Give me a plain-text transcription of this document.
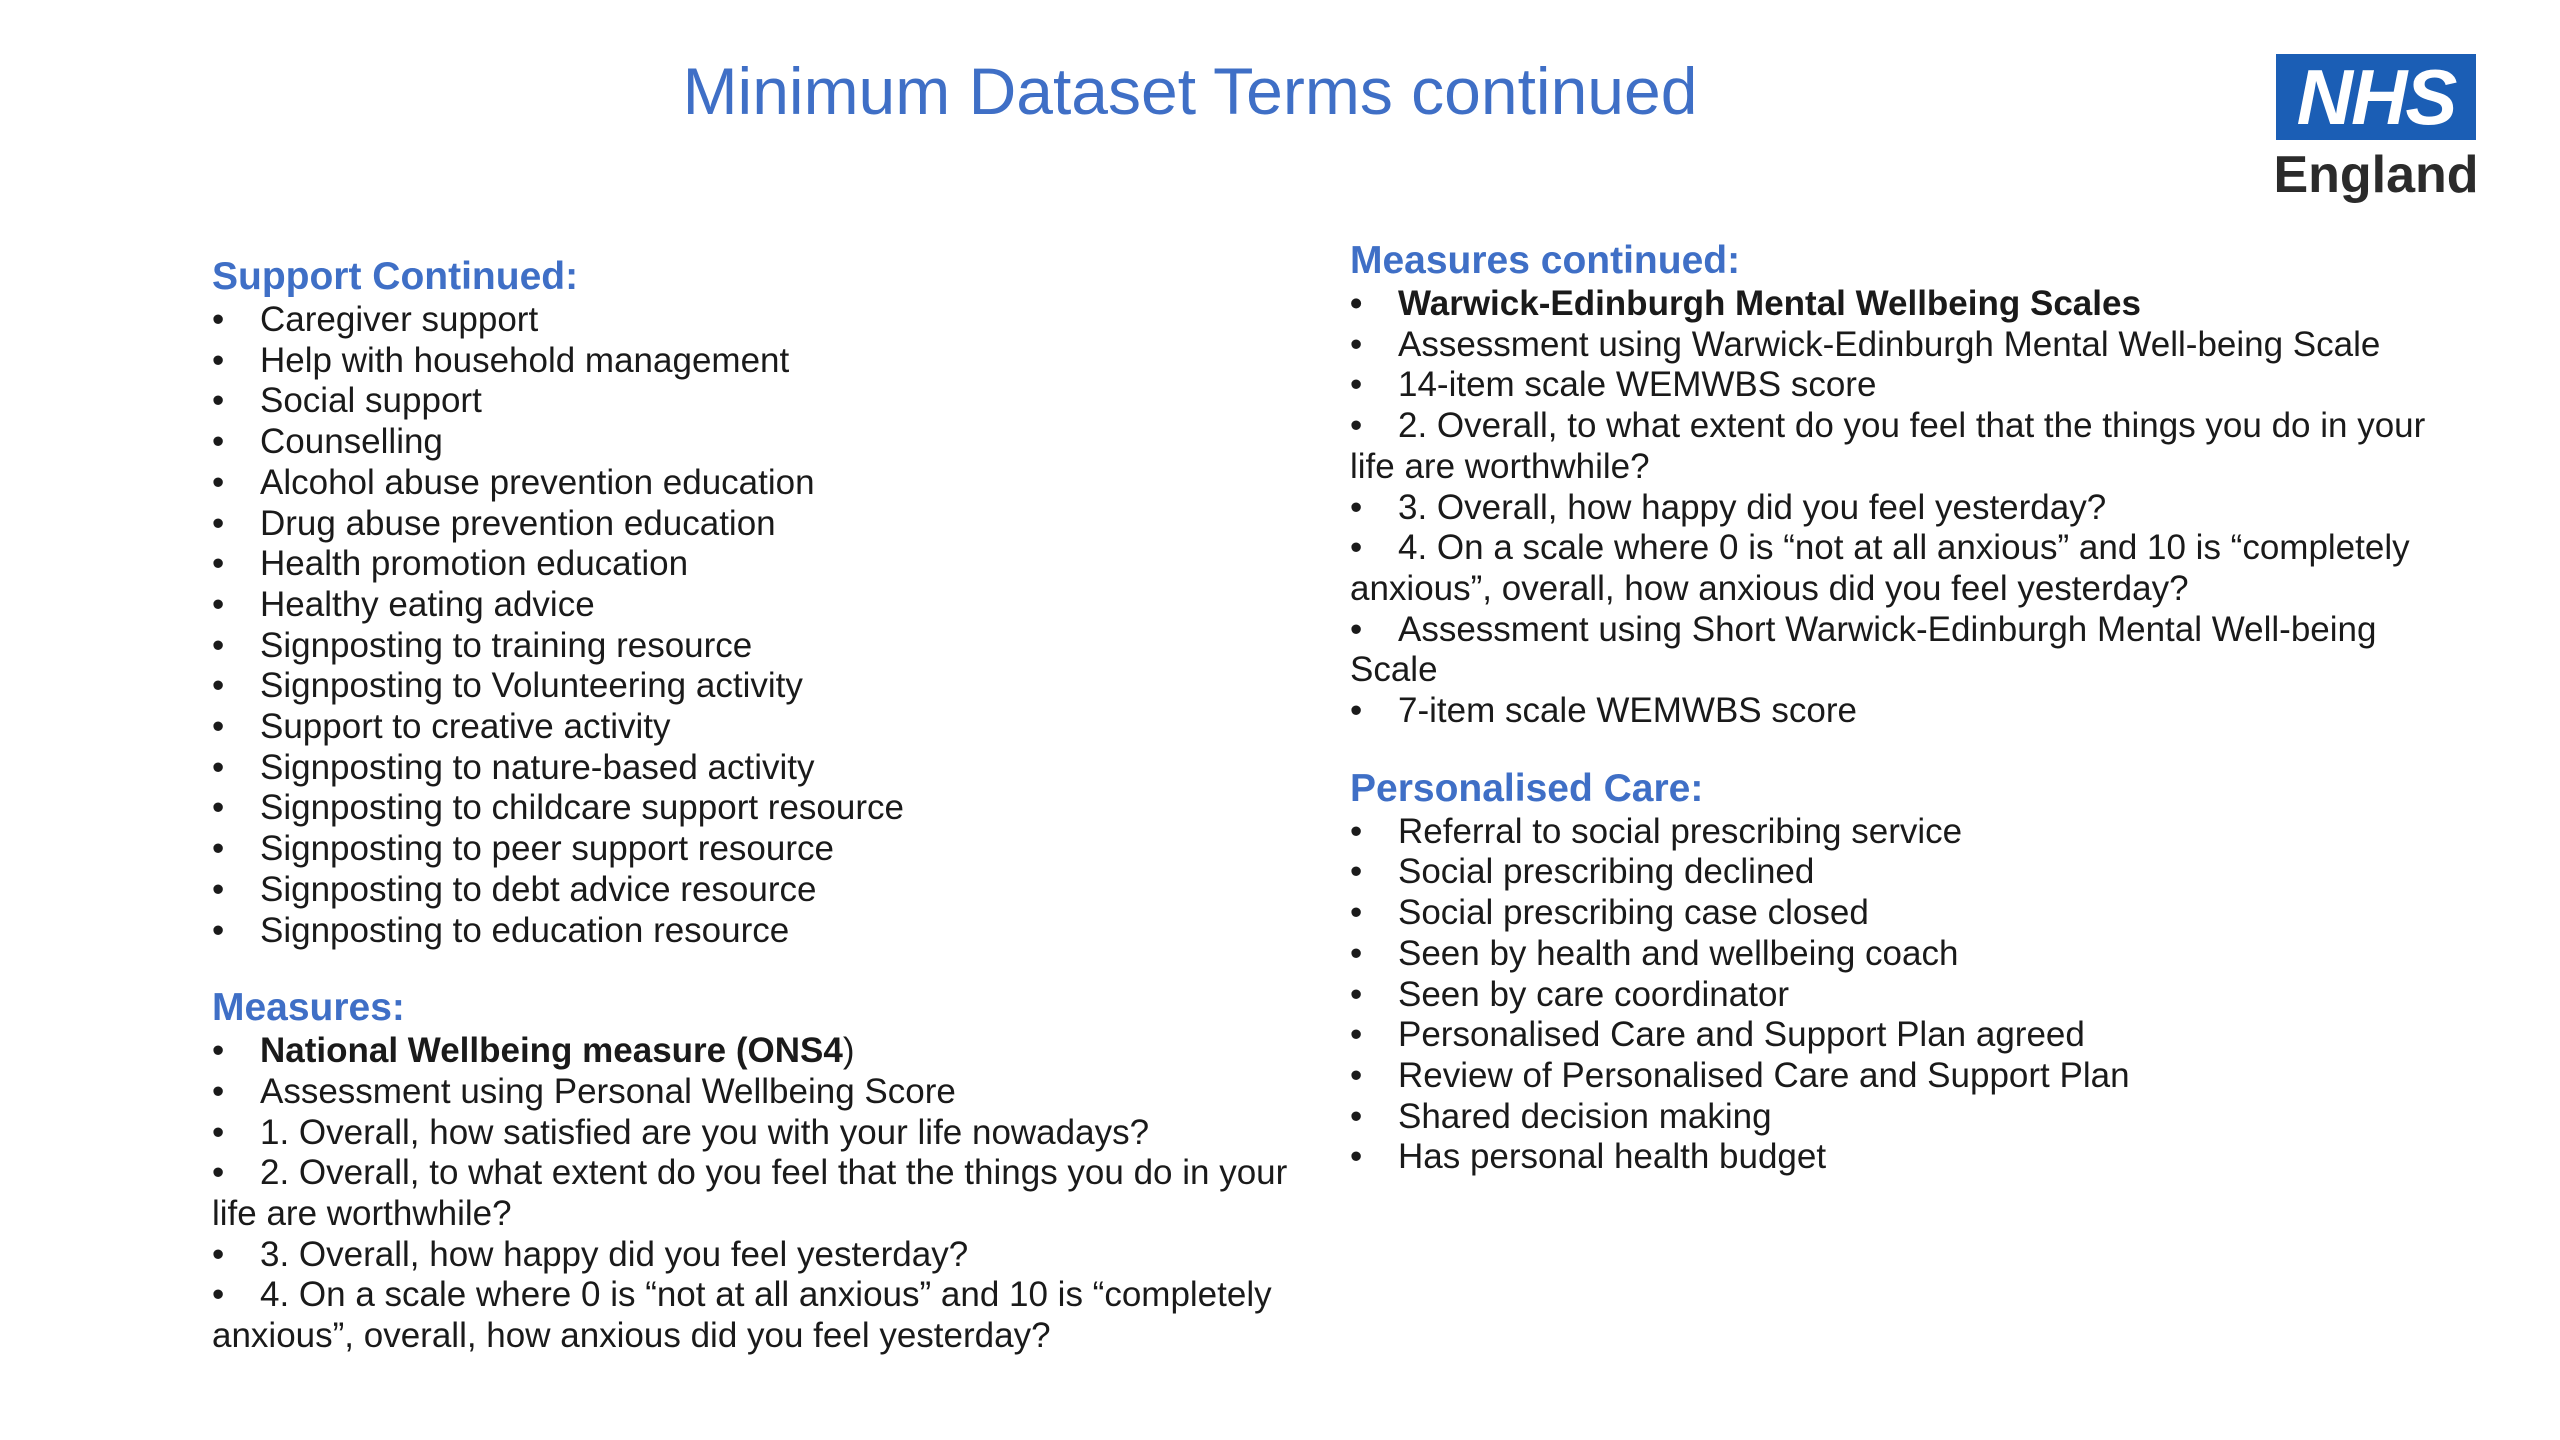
Minimum Dataset Terms continued	NHS
England
Support Continued:
• Caregiver support
• Help with household management
• Social support
• Counselling
• Alcohol abuse prevention education
• Drug abuse prevention education
• Health promotion education
• Healthy eating advice
• Signposting to training resource
• Signposting to Volunteering activity
• Support to creative activity
• Signposting to nature-based activity
• Signposting to childcare support resource
• Signposting to peer support resource
• Signposting to debt advice resource
• Signposting to education resource
Measures:
• National Wellbeing measure (ONS4)
• Assessment using Personal Wellbeing Score
• 1. Overall, how satisfied are you with your life nowadays?
• 2. Overall, to what extent do you feel that the things you do in your life are worthwhile?
• 3. Overall, how happy did you feel yesterday?
• 4. On a scale where 0 is “not at all anxious” and 10 is “completely anxious”, overall, how anxious did you feel yesterday?
Measures continued:
• Warwick-Edinburgh Mental Wellbeing Scales
• Assessment using Warwick-Edinburgh Mental Well-being Scale
• 14-item scale WEMWBS score
• 2. Overall, to what extent do you feel that the things you do in your life are worthwhile?
• 3. Overall, how happy did you feel yesterday?
• 4. On a scale where 0 is “not at all anxious” and 10 is “completely anxious”, overall, how anxious did you feel yesterday?
• Assessment using Short Warwick-Edinburgh Mental Well-being Scale
• 7-item scale WEMWBS score
Personalised Care:
• Referral to social prescribing service
• Social prescribing declined
• Social prescribing case closed
• Seen by health and wellbeing coach
• Seen by care coordinator
• Personalised Care and Support Plan agreed
• Review of Personalised Care and Support Plan
• Shared decision making
• Has personal health budget
